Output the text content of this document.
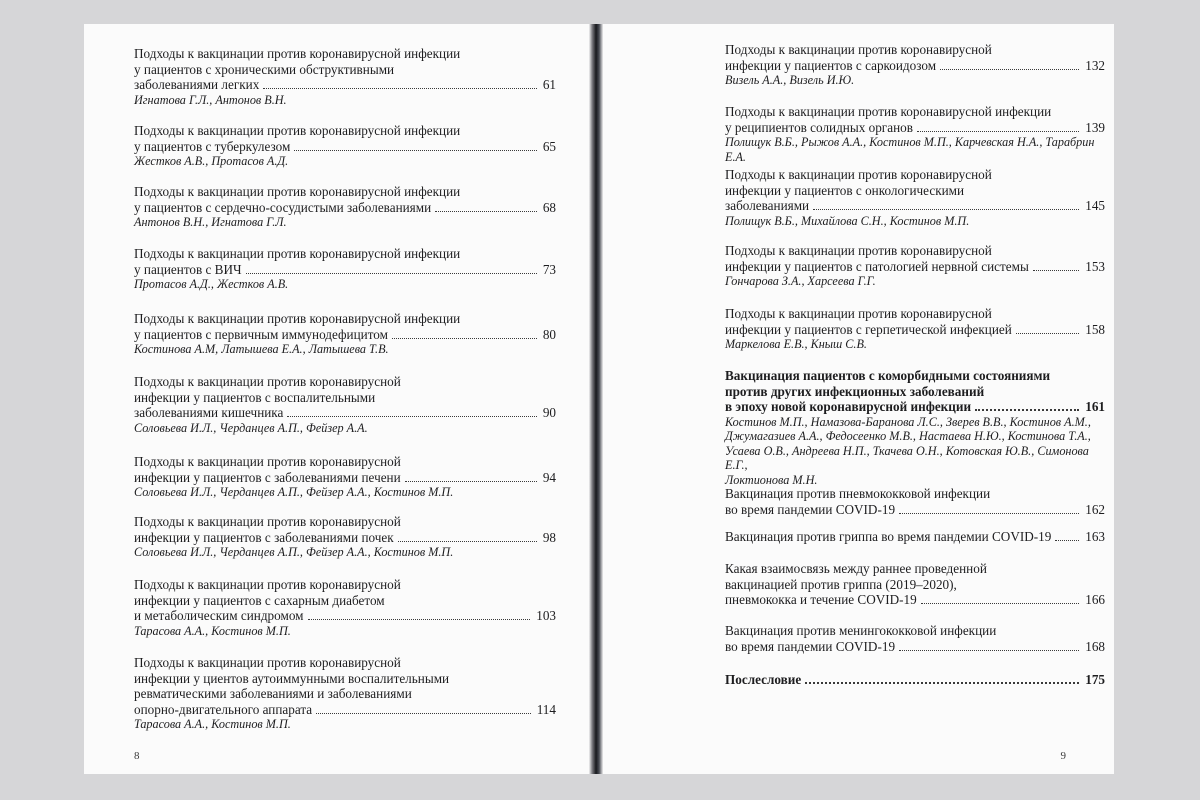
Подходы к вакцинации против коронавирусной инфекции
у пациентов с хроническими обструктивными
заболеваниями легких	61
Игнатова Г.Л., Антонов В.Н.
Подходы к вакцинации против коронавирусной инфекции
у пациентов с туберкулезом	65
Жестков А.В., Протасов А.Д.
Подходы к вакцинации против коронавирусной инфекции
у пациентов с сердечно-сосудистыми заболеваниями	68
Антонов В.Н., Игнатова Г.Л.
Подходы к вакцинации против коронавирусной инфекции
у пациентов с ВИЧ	73
Протасов А.Д., Жестков А.В.
Подходы к вакцинации против коронавирусной инфекции
у пациентов с первичным иммунодефицитом	80
Костинова А.М, Латышева Е.А., Латышева Т.В.
Подходы к вакцинации против коронавирусной
инфекции у пациентов с воспалительными
заболеваниями кишечника	90
Соловьева И.Л., Черданцев А.П., Фейзер А.А.
Подходы к вакцинации против коронавирусной
инфекции у пациентов с заболеваниями печени	94
Соловьева И.Л., Черданцев А.П., Фейзер А.А., Костинов М.П.
Подходы к вакцинации против коронавирусной
инфекции у пациентов с заболеваниями почек	98
Соловьева И.Л., Черданцев А.П., Фейзер А.А., Костинов М.П.
Подходы к вакцинации против коронавирусной
инфекции у пациентов с сахарным диабетом
и метаболическим синдромом	103
Тарасова А.А., Костинов М.П.
Подходы к вакцинации против коронавирусной
инфекции у циентов аутоиммунными воспалительными
ревматическими заболеваниями и заболеваниями
опорно-двигательного аппарата	114
Тарасова А.А., Костинов М.П.
8
Подходы к вакцинации против коронавирусной
инфекции у пациентов с саркоидозом	132
Визель А.А., Визель И.Ю.
Подходы к вакцинации против коронавирусной инфекции
у реципиентов солидных органов	139
Полищук В.Б., Рыжов А.А., Костинов М.П., Карчевская Н.А., Тарабрин Е.А.
Подходы к вакцинации против коронавирусной
инфекции у пациентов с онкологическими
заболеваниями	145
Полищук В.Б., Михайлова С.Н., Костинов М.П.
Подходы к вакцинации против коронавирусной
инфекции у пациентов с патологией нервной системы	153
Гончарова З.А., Харсеева Г.Г.
Подходы к вакцинации против коронавирусной
инфекции у пациентов с герпетической инфекцией	158
Маркелова Е.В., Кныш С.В.
Вакцинация пациентов с коморбидными состояниями
против других инфекционных заболеваний
в эпоху новой коронавирусной инфекции	161
Костинов М.П., Намазова-Баранова Л.С., Зверев В.В., Костинов А.М.,
Джумагазиев А.А., Федосеенко М.В., Настаева Н.Ю., Костинова Т.А.,
Усаева О.В., Андреева Н.П., Ткачева О.Н., Котовская Ю.В., Симонова Е.Г.,
Локтионова М.Н.
Вакцинация против пневмококковой инфекции
во время пандемии COVID-19	162
Вакцинация против гриппа во время пандемии COVID-19	163
Какая взаимосвязь между раннее проведенной
вакцинацией против гриппа (2019–2020),
пневмококка и течение COVID-19	166
Вакцинация против менингококковой инфекции
во время пандемии COVID-19	168
Послесловие	175
9
